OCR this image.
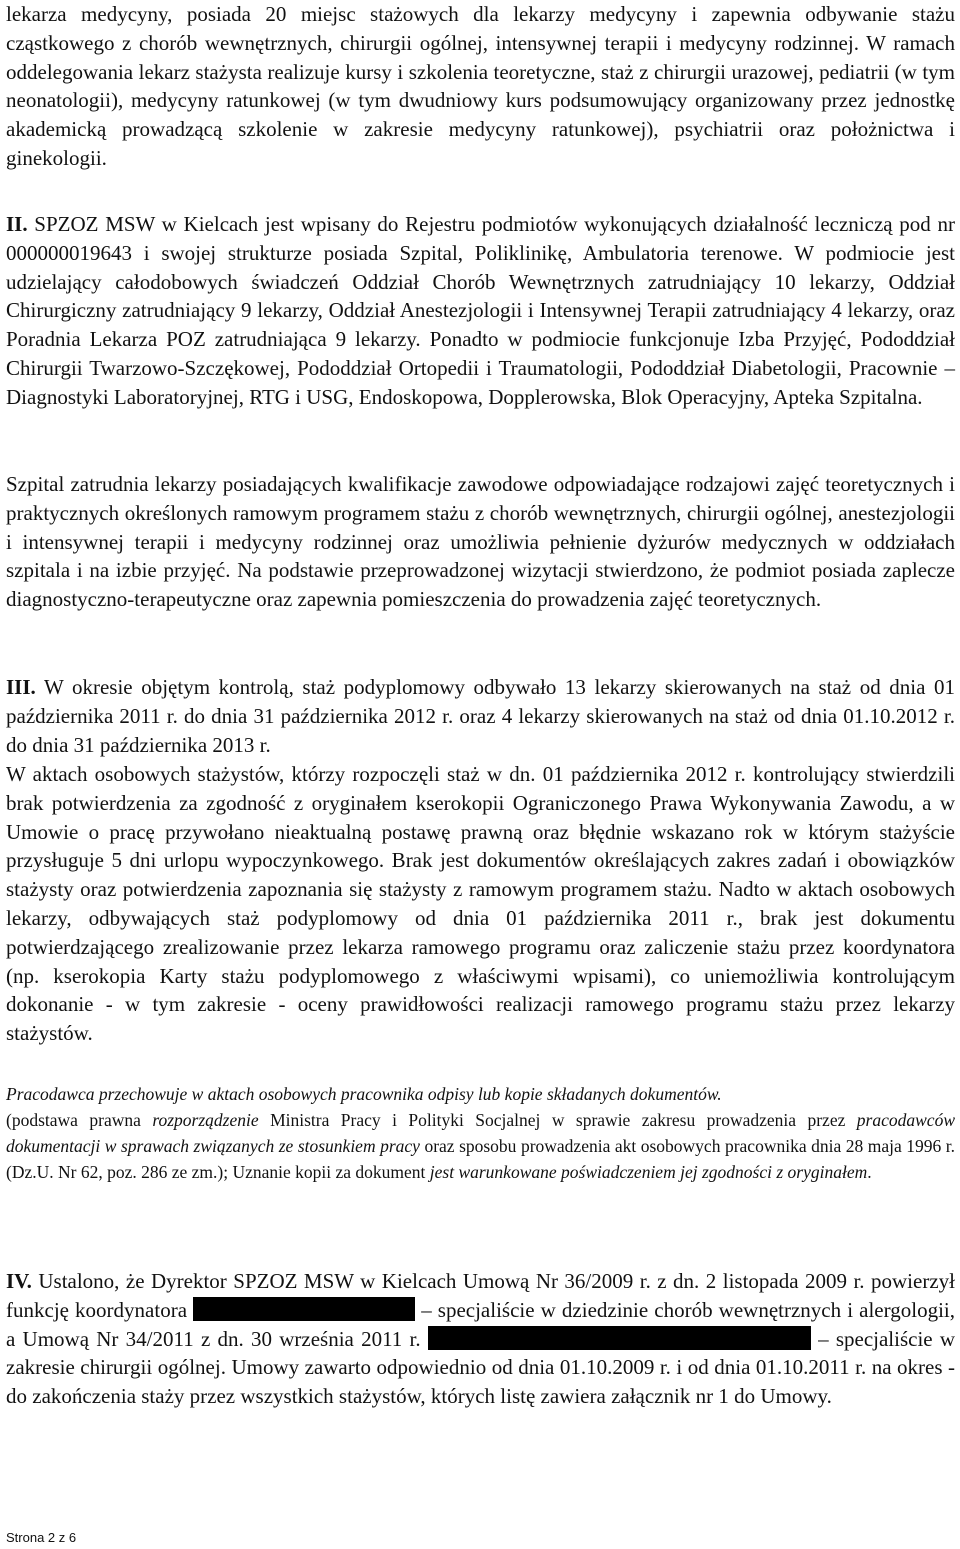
lekarza medycyny, posiada 20 miejsc stażowych dla lekarzy medycyny i zapewnia odbywanie stażu cząstkowego z chorób wewnętrznych, chirurgii ogólnej, intensywnej terapii i medycyny rodzinnej. W ramach oddelegowania lekarz stażysta realizuje kursy i szkolenia teoretyczne, staż z chirurgii urazowej, pediatrii (w tym neonatologii), medycyny ratunkowej (w tym dwudniowy kurs podsumowujący organizowany przez jednostkę akademicką prowadzącą szkolenie w zakresie medycyny ratunkowej), psychiatrii oraz położnictwa i ginekologii.

II. SPZOZ MSW w Kielcach jest wpisany do Rejestru podmiotów wykonujących działalność leczniczą pod nr 000000019643 i swojej strukturze posiada Szpital, Poliklinikę, Ambulatoria terenowe. W podmiocie jest udzielający całodobowych świadczeń Oddział Chorób Wewnętrznych zatrudniający 10 lekarzy, Oddział Chirurgiczny zatrudniający 9 lekarzy, Oddział Anestezjologii i Intensywnej Terapii zatrudniający 4 lekarzy, oraz Poradnia Lekarza POZ zatrudniająca 9 lekarzy. Ponadto w podmiocie funkcjonuje Izba Przyjęć, Pododdział Chirurgii Twarzowo-Szczękowej, Pododdział Ortopedii i Traumatologii, Pododdział Diabetologii, Pracownie – Diagnostyki Laboratoryjnej, RTG i USG, Endoskopowa, Dopplerowska, Blok Operacyjny, Apteka Szpitalna.

Szpital zatrudnia lekarzy posiadających kwalifikacje zawodowe odpowiadające rodzajowi zajęć teoretycznych i praktycznych określonych ramowym programem stażu z chorób wewnętrznych, chirurgii ogólnej, anestezjologii i intensywnej terapii i medycyny rodzinnej oraz umożliwia pełnienie dyżurów medycznych w oddziałach szpitala i na izbie przyjęć. Na podstawie przeprowadzonej wizytacji stwierdzono, że podmiot posiada zaplecze diagnostyczno-terapeutyczne oraz zapewnia pomieszczenia do prowadzenia zajęć teoretycznych.

III. W okresie objętym kontrolą, staż podyplomowy odbywało 13 lekarzy skierowanych na staż od dnia 01 października 2011 r. do dnia 31 października 2012 r. oraz 4 lekarzy skierowanych na staż od dnia 01.10.2012 r. do dnia 31 października 2013 r.

W aktach osobowych stażystów, którzy rozpoczęli staż w dn. 01 października 2012 r. kontrolujący stwierdzili brak potwierdzenia za zgodność z oryginałem kserokopii Ograniczonego Prawa Wykonywania Zawodu, a w Umowie o pracę przywołano nieaktualną postawę prawną oraz błędnie wskazano rok w którym stażyście przysługuje 5 dni urlopu wypoczynkowego. Brak jest dokumentów określających zakres zadań i obowiązków stażysty oraz potwierdzenia zapoznania się stażysty z ramowym programem stażu. Nadto w aktach osobowych lekarzy, odbywających staż podyplomowy od dnia 01 października 2011 r., brak jest dokumentu potwierdzającego zrealizowanie przez lekarza ramowego programu oraz zaliczenie stażu przez koordynatora (np. kserokopia Karty stażu podyplomowego z właściwymi wpisami), co uniemożliwia kontrolującym dokonanie - w tym zakresie - oceny prawidłowości realizacji ramowego programu stażu przez lekarzy stażystów.

Pracodawca przechowuje w aktach osobowych pracownika odpisy lub kopie składanych dokumentów.

(podstawa prawna rozporządzenie Ministra Pracy i Polityki Socjalnej w sprawie zakresu prowadzenia przez pracodawców dokumentacji w sprawach związanych ze stosunkiem pracy oraz sposobu prowadzenia akt osobowych pracownika dnia 28 maja 1996 r. (Dz.U. Nr 62, poz. 286 ze zm.); Uznanie kopii za dokument jest warunkowane poświadczeniem jej zgodności z oryginałem.

IV. Ustalono, że Dyrektor SPZOZ MSW w Kielcach Umową Nr 36/2009 r. z dn. 2 listopada 2009 r. powierzył funkcję koordynatora	– specjaliście w dziedzinie chorób wewnętrznych i alergologii, a Umową Nr 34/2011 z dn. 30 września 2011 r.	– specjaliście w zakresie chirurgii ogólnej. Umowy zawarto odpowiednio od dnia 01.10.2009 r. i od dnia 01.10.2011 r. na okres - do zakończenia staży przez wszystkich stażystów, których listę zawiera załącznik nr 1 do Umowy.

Strona 2 z 6
